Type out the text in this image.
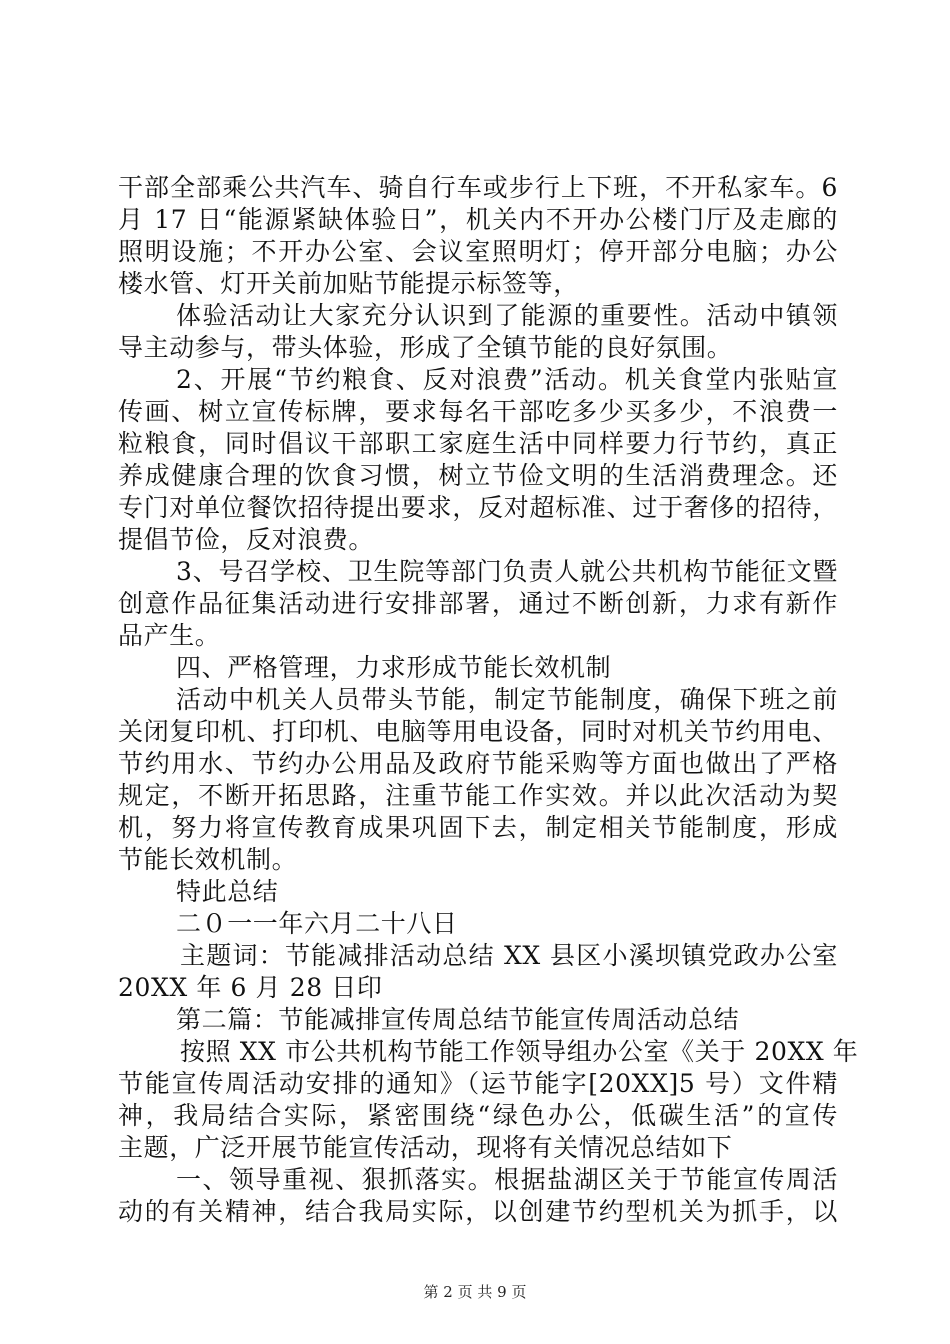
干部全部乘公共汽车、骑自行车或步行上下班，不开私家车。6
月 17 日“能源紧缺体验日”，机关内不开办公楼门厅及走廊的
照明设施；不开办公室、会议室照明灯；停开部分电脑；办公
楼水管、灯开关前加贴节能提示标签等，
体验活动让大家充分认识到了能源的重要性。活动中镇领
导主动参与，带头体验，形成了全镇节能的良好氛围。
2、开展“节约粮食、反对浪费”活动。机关食堂内张贴宣
传画、树立宣传标牌，要求每名干部吃多少买多少，不浪费一
粒粮食，同时倡议干部职工家庭生活中同样要力行节约，真正
养成健康合理的饮食习惯，树立节俭文明的生活消费理念。还
专门对单位餐饮招待提出要求，反对超标准、过于奢侈的招待，
提倡节俭，反对浪费。
3、号召学校、卫生院等部门负责人就公共机构节能征文暨
创意作品征集活动进行安排部署，通过不断创新，力求有新作
品产生。
四、严格管理，力求形成节能长效机制
活动中机关人员带头节能，制定节能制度，确保下班之前
关闭复印机、打印机、电脑等用电设备，同时对机关节约用电、
节约用水、节约办公用品及政府节能采购等方面也做出了严格
规定，不断开拓思路，注重节能工作实效。并以此次活动为契
机，努力将宣传教育成果巩固下去，制定相关节能制度，形成
节能长效机制。
特此总结
二０一一年六月二十八日
主题词：节能减排活动总结 XX 县区小溪坝镇党政办公室
20XX 年 6 月 28 日印
第二篇：节能减排宣传周总结节能宣传周活动总结
按照 XX 市公共机构节能工作领导组办公室《关于 20XX 年
节能宣传周活动安排的通知》（运节能字[20XX]5 号）文件精
神，我局结合实际，紧密围绕“绿色办公，低碳生活”的宣传
主题，广泛开展节能宣传活动，现将有关情况总结如下
一、领导重视、狠抓落实。根据盐湖区关于节能宣传周活
动的有关精神，结合我局实际，以创建节约型机关为抓手，以
第 2 页 共 9 页
